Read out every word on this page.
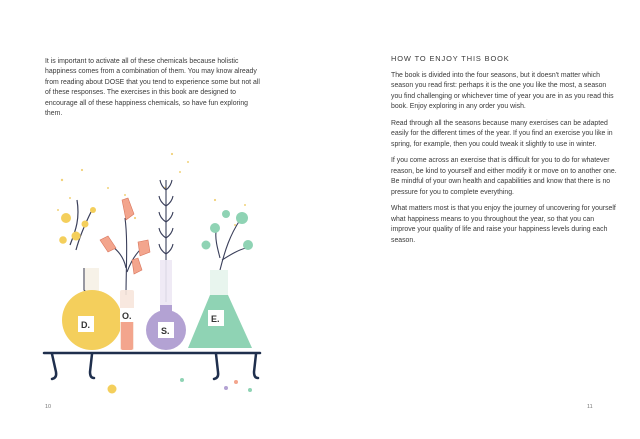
It is important to activate all of these chemicals because holistic happiness comes from a combination of them. You may know already from reading about DOSE that you tend to experience some but not all of these responses. The exercises in this book are designed to encourage all of these happiness chemicals, so have fun exploring them.

D.
O.
S.
E.
10
HOW TO ENJOY THIS BOOK

The book is divided into the four seasons, but it doesn't matter which season you read first: perhaps it is the one you like the most, a season you find challenging or whichever time of year you are in as you read this book. Enjoy exploring in any order you wish.

Read through all the seasons because many exercises can be adapted easily for the different times of the year. If you find an exercise you like in spring, for example, then you could tweak it slightly to use in winter.

If you come across an exercise that is difficult for you to do for whatever reason, be kind to yourself and either modify it or move on to another one. Be mindful of your own health and capabilities and know that there is no pressure for you to complete everything.

What matters most is that you enjoy the journey of uncovering for yourself what happiness means to you throughout the year, so that you can improve your quality of life and raise your happiness levels during each season.

11
